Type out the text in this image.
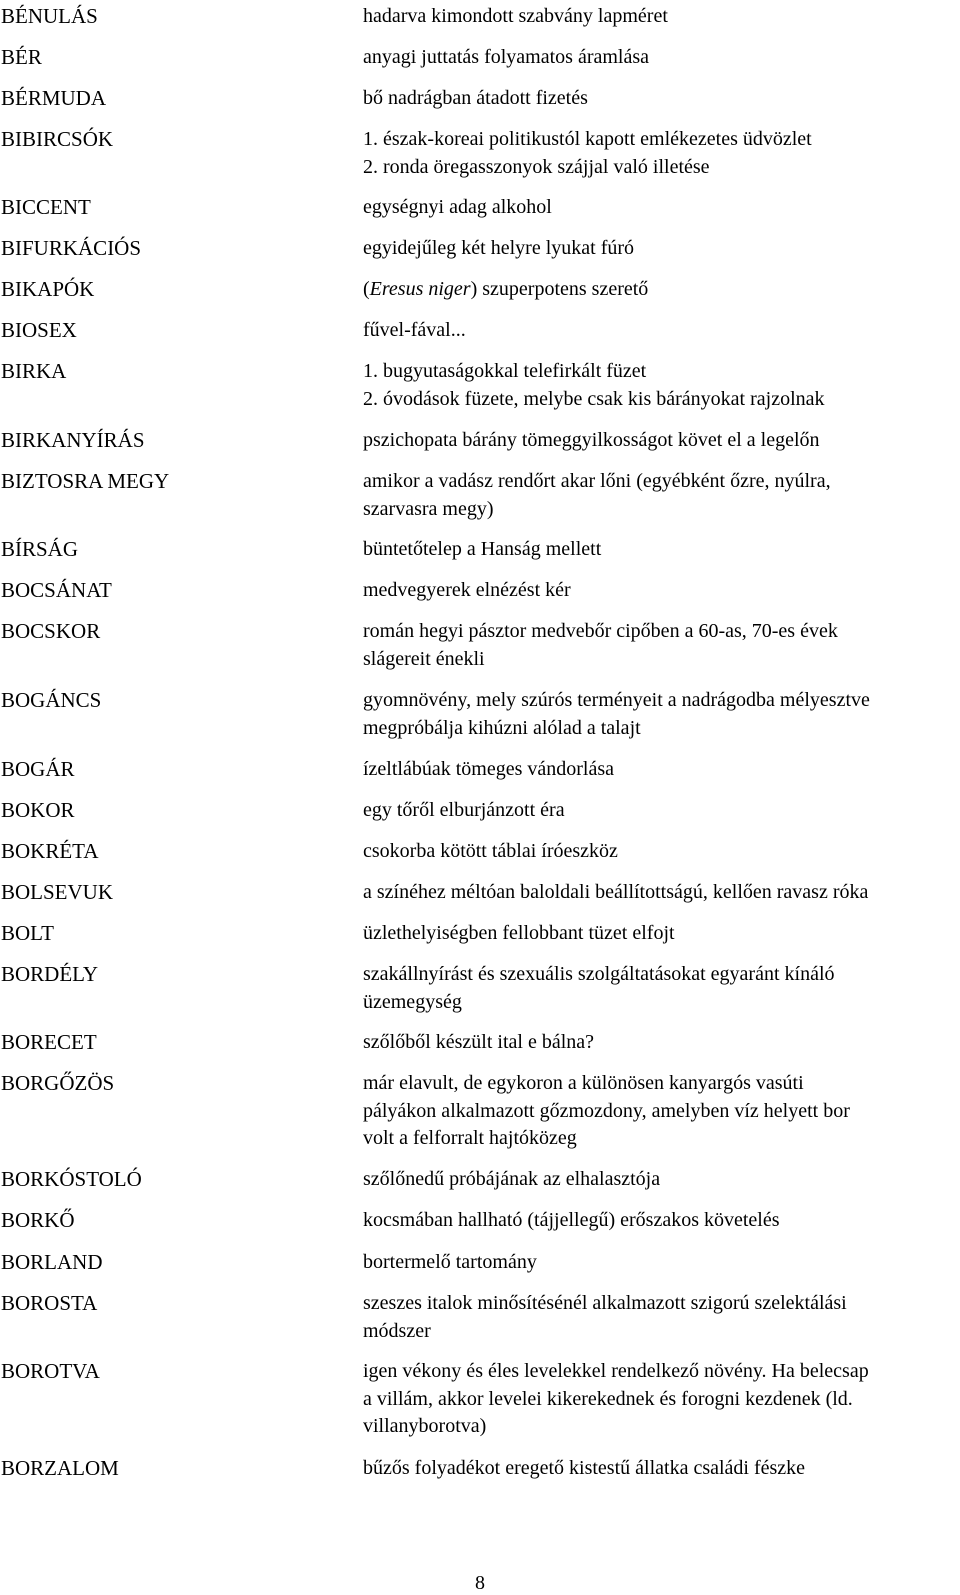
BÉNULÁS	hadarva kimondott szabvány lapméret
BÉR	anyagi juttatás folyamatos áramlása
BÉRMUDA	bő nadrágban átadott fizetés
BIBIRCSÓK	1. észak-koreai politikustól kapott emlékezetes üdvözlet
2. ronda öregasszonyok szájjal való illetése
BICCENT	egységnyi adag alkohol
BIFURKÁCIÓS	egyidejűleg két helyre lyukat fúró
BIKAPÓK	(Eresus niger) szuperpotens szerető
BIOSEX	fűvel-fával...
BIRKA	1. bugyutaságokkal telefirkált füzet
2. óvodások füzete, melybe csak kis bárányokat rajzolnak
BIRKANYÍRÁS	pszichopata bárány tömeggyilkosságot követ el a legelőn
BIZTOSRA MEGY	amikor a vadász rendőrt akar lőni (egyébként őzre, nyúlra,
szarvasra megy)
BÍRSÁG	büntetőtelep a Hanság mellett
BOCSÁNAT	medvegyerek elnézést kér
BOCSKOR	román hegyi pásztor medvebőr cipőben a 60-as, 70-es évek
slágereit énekli
BOGÁNCS	gyomnövény, mely szúrós terményeit a nadrágodba mélyesztve
megpróbálja kihúzni alólad a talajt
BOGÁR	ízeltlábúak tömeges vándorlása
BOKOR	egy tőről elburjánzott éra
BOKRÉTA	csokorba kötött táblai íróeszköz
BOLSEVUK	a színéhez méltóan baloldali beállítottságú, kellően ravasz róka
BOLT	üzlethelyiségben fellobbant tüzet elfojt
BORDÉLY	szakállnyírást és szexuális szolgáltatásokat egyaránt kínáló
üzemegység
BORECET	szőlőből készült ital e bálna?
BORGŐZÖS	már elavult, de egykoron a különösen kanyargós vasúti
pályákon alkalmazott gőzmozdony, amelyben víz helyett bor
volt a felforralt hajtóközeg
BORKÓSTOLÓ	szőlőnedű próbájának az elhalasztója
BORKŐ	kocsmában hallható (tájjellegű) erőszakos követelés
BORLAND	bortermelő tartomány
BOROSTA	szeszes italok minősítésénél alkalmazott szigorú szelektálási
módszer
BOROTVA	igen vékony és éles levelekkel rendelkező növény. Ha belecsap
a villám, akkor levelei kikerekednek és forogni kezdenek (ld.
villanyborotva)
BORZALOM	bűzős folyadékot eregető kistestű állatka családi fészke
8
